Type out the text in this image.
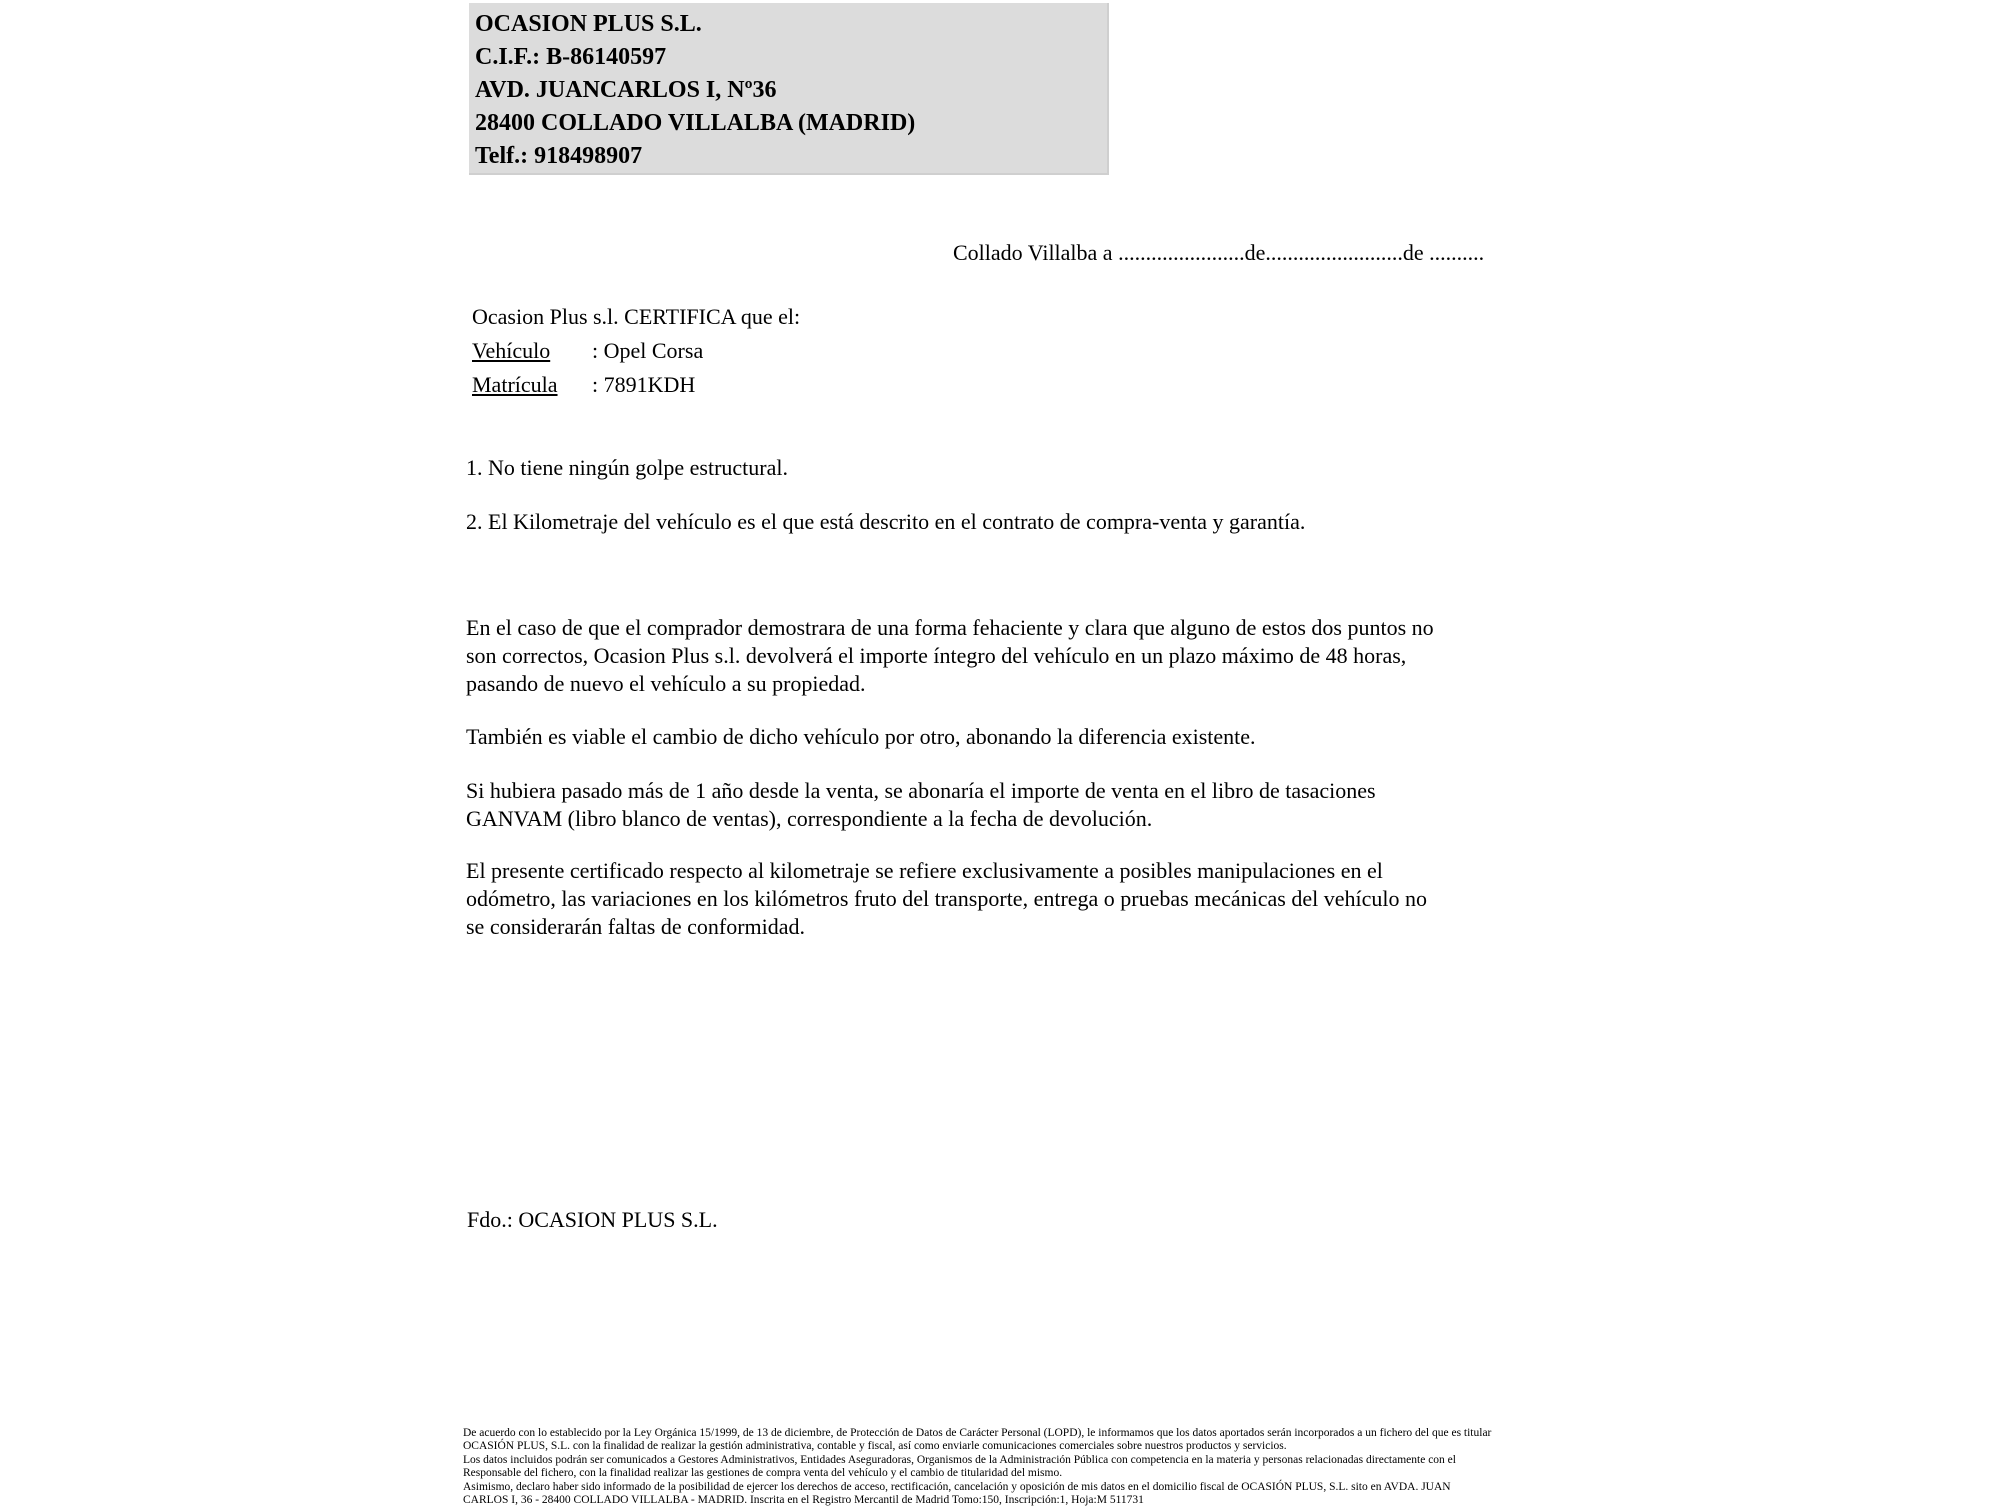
OCASION PLUS S.L.
C.I.F.: B-86140597
AVD. JUANCARLOS I, Nº36
28400 COLLADO VILLALBA (MADRID)
Telf.: 918498907
Collado Villalba a .......................de.........................de ..........
Ocasion Plus s.l. CERTIFICA que el:
Vehículo : Opel Corsa
Matrícula : 7891KDH
1. No tiene ningún golpe estructural.
2. El Kilometraje del vehículo es el que está descrito en el contrato de compra-venta y garantía.
En el caso de que el comprador demostrara de una forma fehaciente y clara que alguno de estos dos puntos no
son correctos, Ocasion Plus s.l. devolverá el importe íntegro del vehículo en un plazo máximo de 48 horas,
pasando de nuevo el vehículo a su propiedad.
También es viable el cambio de dicho vehículo por otro, abonando la diferencia existente.
Si hubiera pasado más de 1 año desde la venta, se abonaría el importe de venta en el libro de tasaciones
GANVAM (libro blanco de ventas), correspondiente a la fecha de devolución.
El presente certificado respecto al kilometraje se refiere exclusivamente a posibles manipulaciones en el
odómetro, las variaciones en los kilómetros fruto del transporte, entrega o pruebas mecánicas del vehículo no
se considerarán faltas de conformidad.
Fdo.: OCASION PLUS S.L.
De acuerdo con lo establecido por la Ley Orgánica 15/1999, de 13 de diciembre, de Protección de Datos de Carácter Personal (LOPD), le informamos que los datos aportados serán incorporados a un fichero del que es titular
OCASIÓN PLUS, S.L. con la finalidad de realizar la gestión administrativa, contable y fiscal, así como enviarle comunicaciones comerciales sobre nuestros productos y servicios.
Los datos incluidos podrán ser comunicados a Gestores Administrativos, Entidades Aseguradoras, Organismos de la Administración Pública con competencia en la materia y personas relacionadas directamente con el
Responsable del fichero, con la finalidad realizar las gestiones de compra venta del vehículo y el cambio de titularidad del mismo.
Asimismo, declaro haber sido informado de la posibilidad de ejercer los derechos de acceso, rectificación, cancelación y oposición de mis datos en el domicilio fiscal de OCASIÓN PLUS, S.L. sito en AVDA. JUAN
CARLOS I, 36 - 28400 COLLADO VILLALBA - MADRID. Inscrita en el Registro Mercantil de Madrid Tomo:150, Inscripción:1, Hoja:M 511731
